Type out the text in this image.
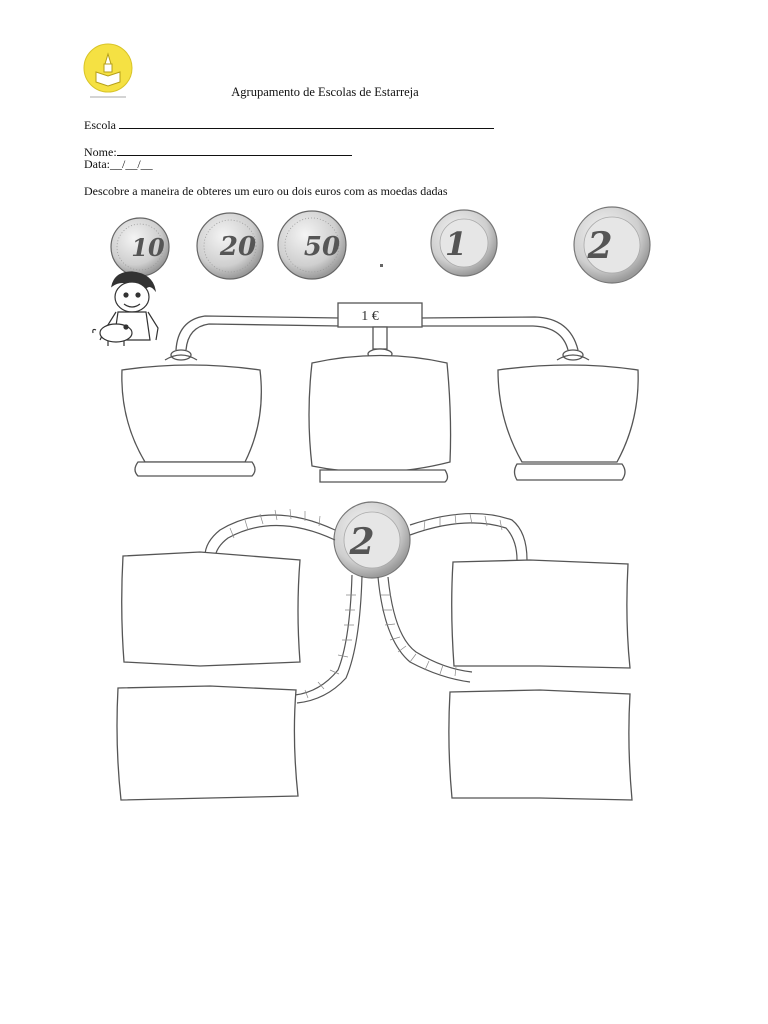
Agrupamento de Escolas de Estarreja
Escola
Nome:
Data:__/__/__
Descobre a maneira de obteres um euro ou dois euros com as moedas dadas
10 20 50	1	2
1 €
2
